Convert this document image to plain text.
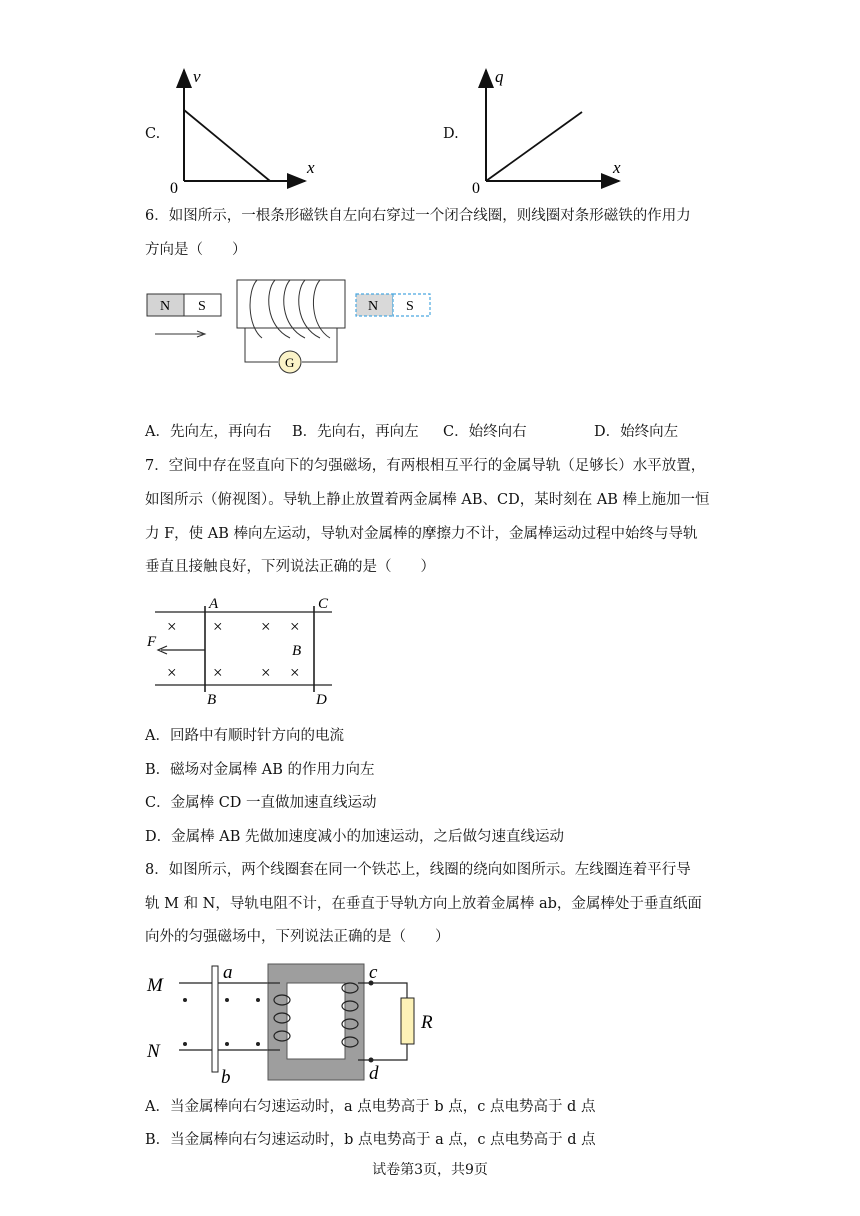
C.
v
x
0
D.
q
x
0
6．如图所示，一根条形磁铁自左向右穿过一个闭合线圈，则线圈对条形磁铁的作用力
方向是（　　）
N S
G
N S
A．先向左，再向右 B．先向右，再向左 C．始终向右	D．始终向左
7．空间中存在竖直向下的匀强磁场，有两根相互平行的金属导轨（足够长）水平放置，
如图所示（俯视图）。导轨上静止放置着两金属棒 AB、CD，某时刻在 AB 棒上施加一恒
力 F，使 AB 棒向左运动，导轨对金属棒的摩擦力不计，金属棒运动过程中始终与导轨
垂直且接触良好，下列说法正确的是（　　）
× × × ×
× × × ×
A
B
C
D
F
B
A．回路中有顺时针方向的电流
B．磁场对金属棒 AB 的作用力向左
C．金属棒 CD 一直做加速直线运动
D．金属棒 AB 先做加速度减小的加速运动，之后做匀速直线运动
8．如图所示，两个线圈套在同一个铁芯上，线圈的绕向如图所示。左线圈连着平行导
轨 M 和 N，导轨电阻不计，在垂直于导轨方向上放着金属棒 ab，金属棒处于垂直纸面
向外的匀强磁场中，下列说法正确的是（　　）
M
N
a
b
c
d
R
A．当金属棒向右匀速运动时，a 点电势高于 b 点，c 点电势高于 d 点
B．当金属棒向右匀速运动时，b 点电势高于 a 点，c 点电势高于 d 点
试卷第3页，共9页
